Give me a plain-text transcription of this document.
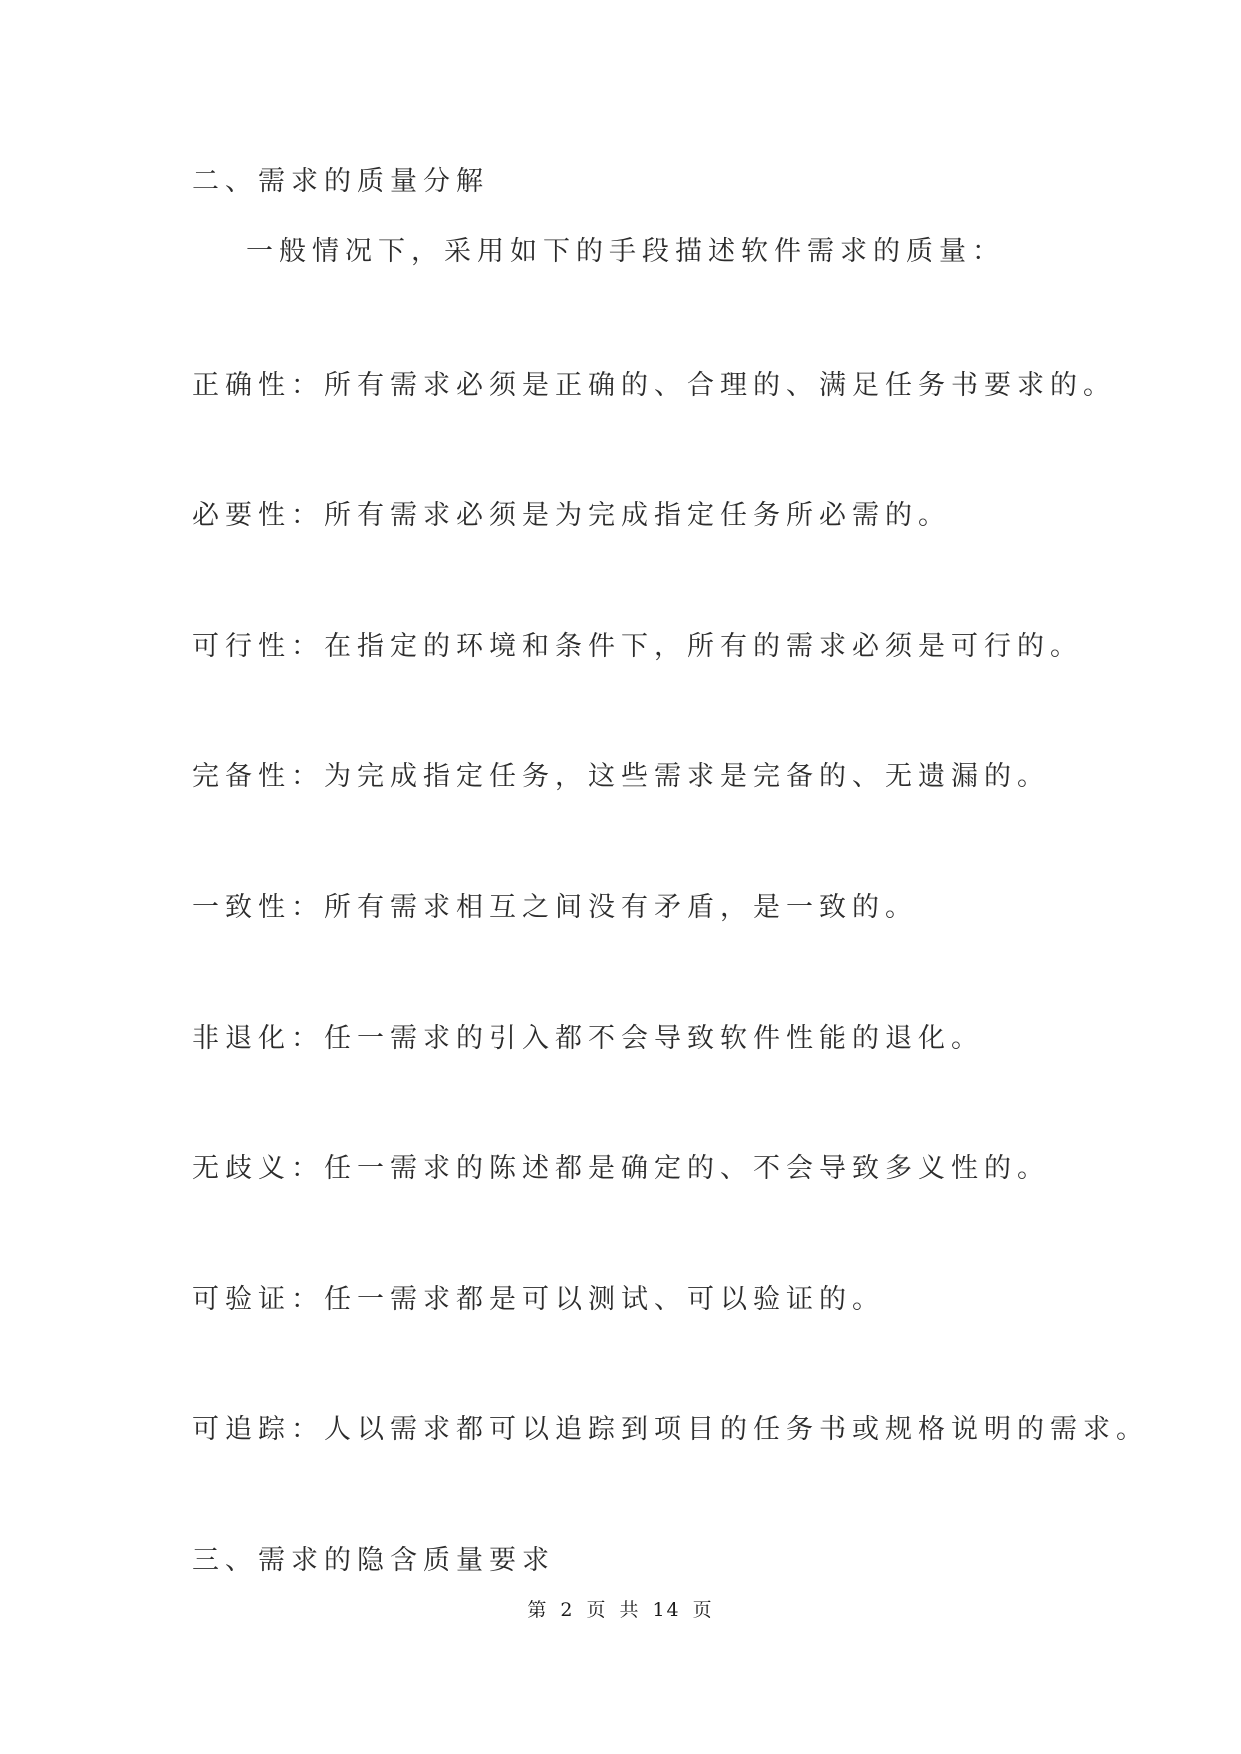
二、需求的质量分解

一般情况下，采用如下的手段描述软件需求的质量：

正确性：所有需求必须是正确的、合理的、满足任务书要求的。

必要性：所有需求必须是为完成指定任务所必需的。

可行性：在指定的环境和条件下，所有的需求必须是可行的。

完备性：为完成指定任务，这些需求是完备的、无遗漏的。

一致性：所有需求相互之间没有矛盾，是一致的。

非退化：任一需求的引入都不会导致软件性能的退化。

无歧义：任一需求的陈述都是确定的、不会导致多义性的。

可验证：任一需求都是可以测试、可以验证的。

可追踪：人以需求都可以追踪到项目的任务书或规格说明的需求。

三、需求的隐含质量要求
第 2 页 共 14 页
